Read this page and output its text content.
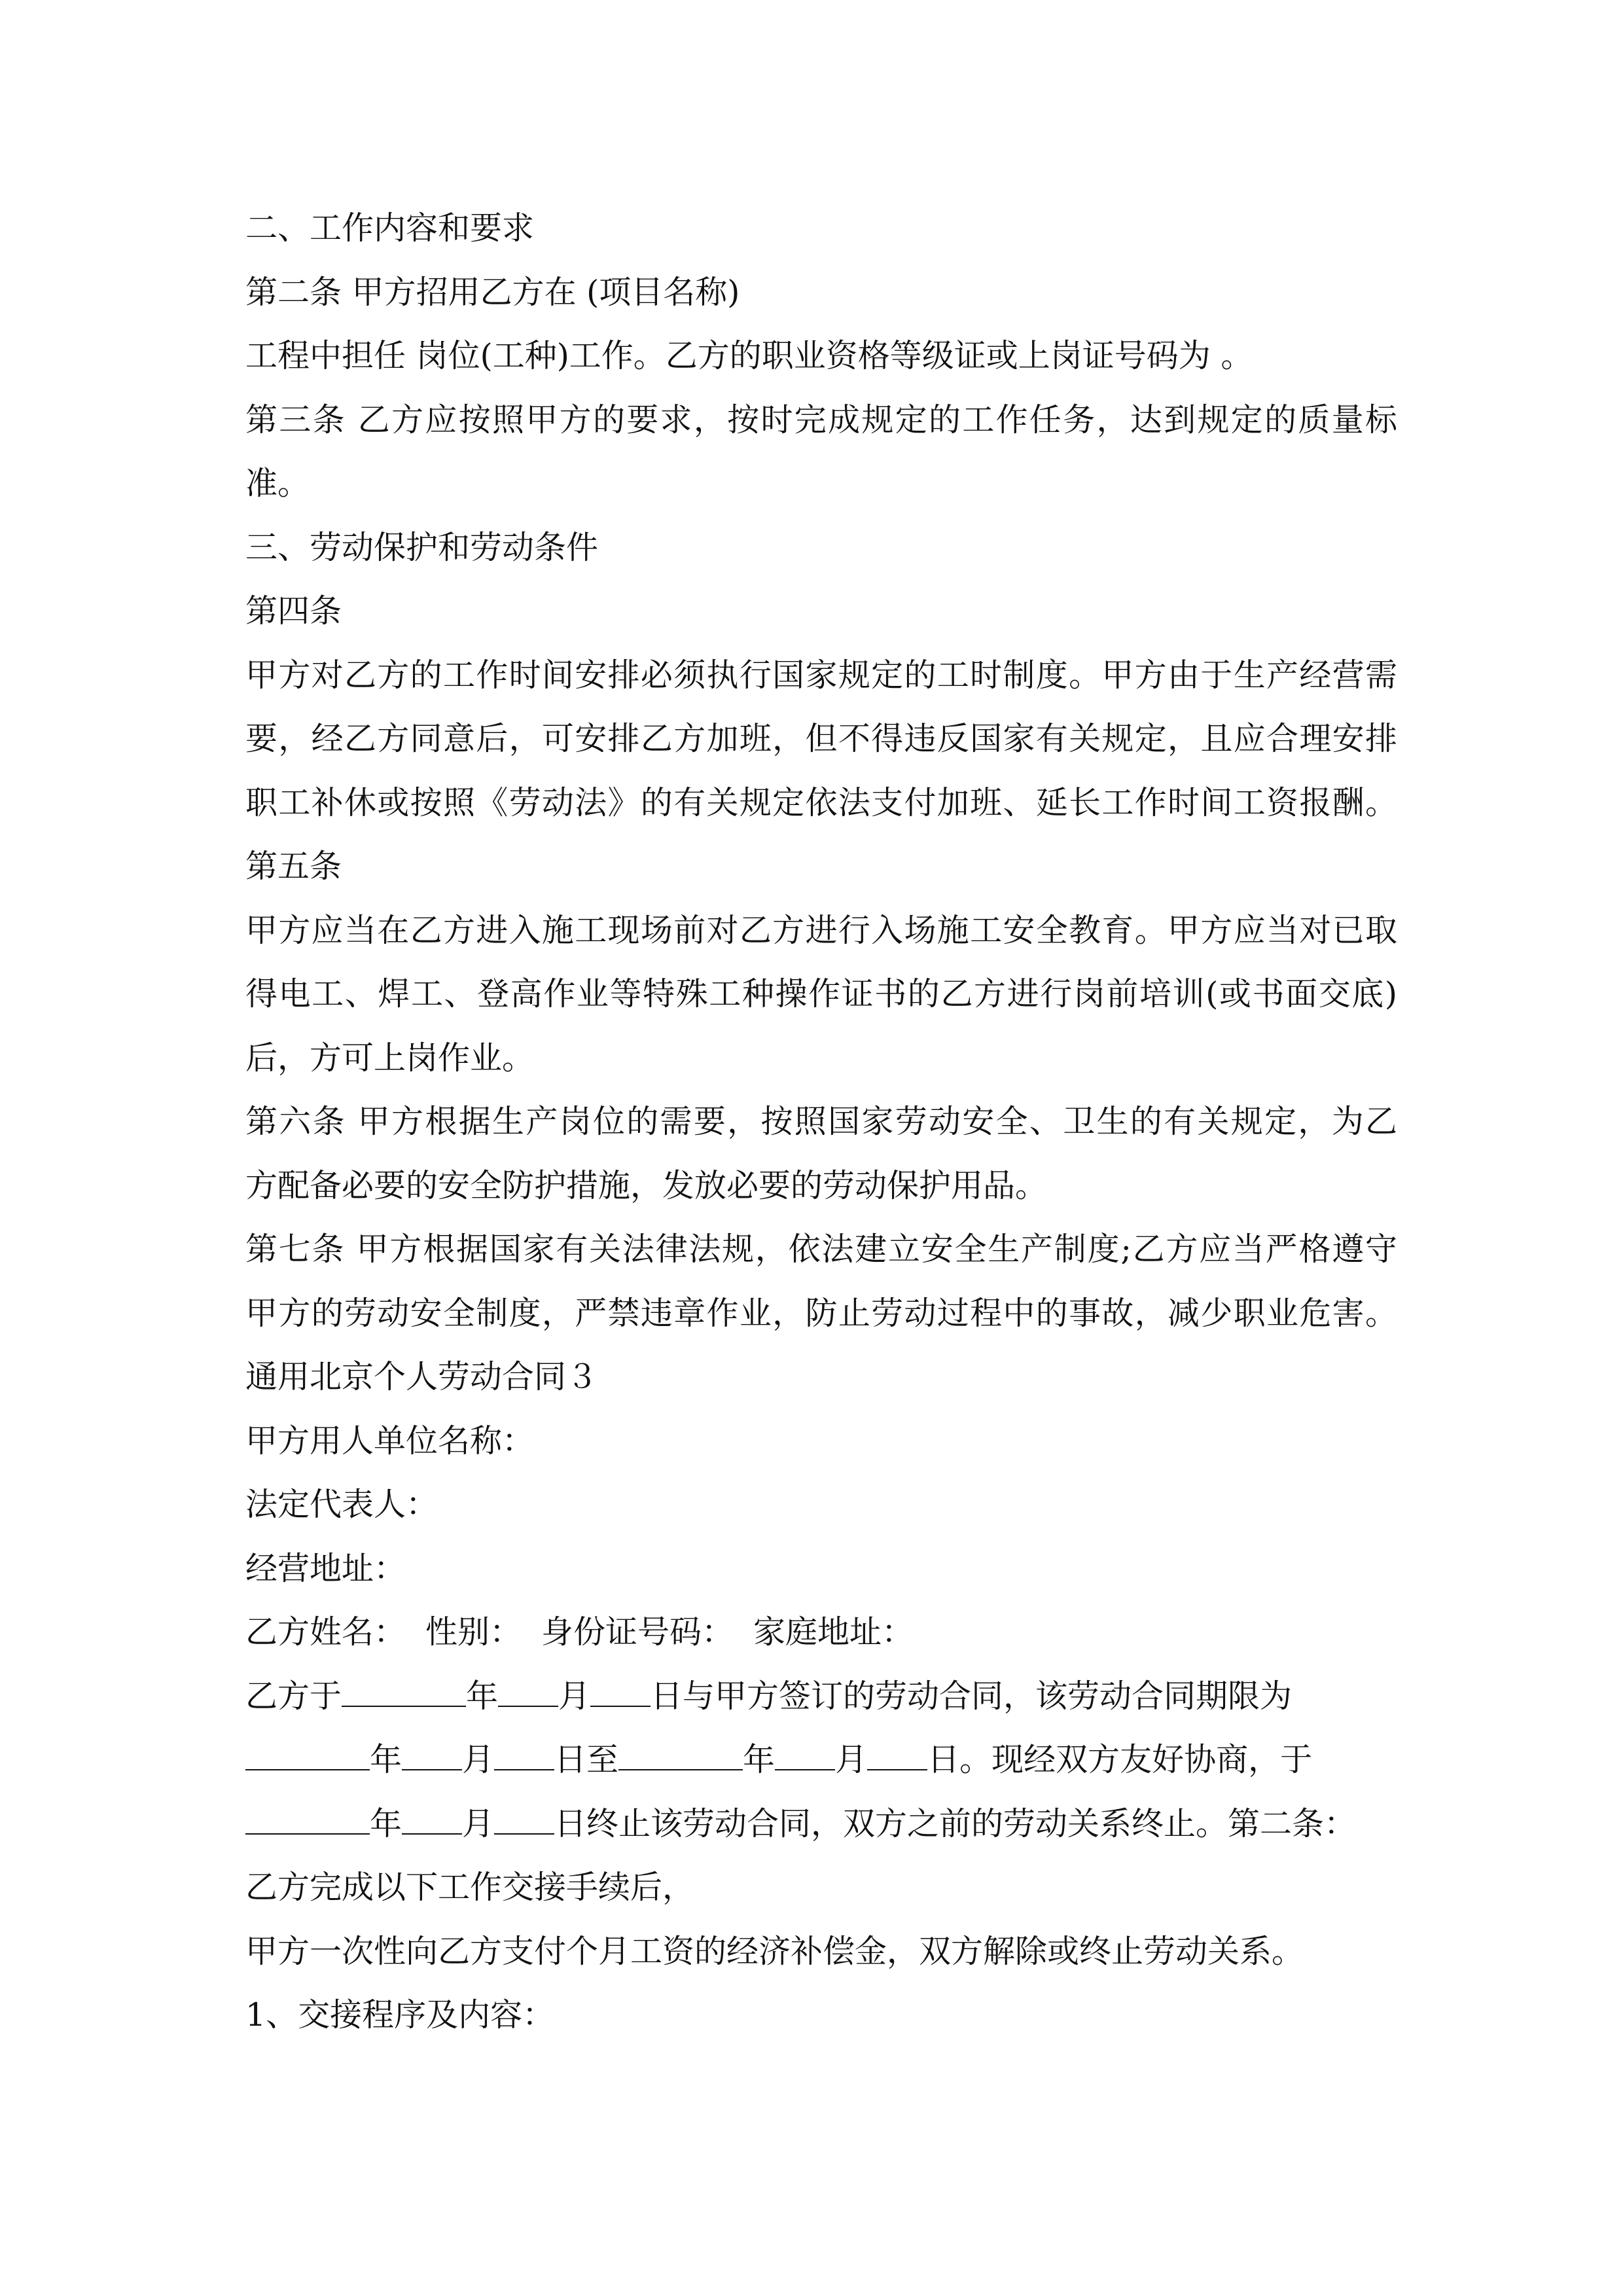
二、工作内容和要求
第二条 甲方招用乙方在 (项目名称)
工程中担任 岗位(工种)工作。乙方的职业资格等级证或上岗证号码为 。
第三条 乙方应按照甲方的要求，按时完成规定的工作任务，达到规定的质量标
准。
三、劳动保护和劳动条件
第四条
甲方对乙方的工作时间安排必须执行国家规定的工时制度。甲方由于生产经营需
要，经乙方同意后，可安排乙方加班，但不得违反国家有关规定，且应合理安排
职工补休或按照《劳动法》的有关规定依法支付加班、延长工作时间工资报酬。
第五条
甲方应当在乙方进入施工现场前对乙方进行入场施工安全教育。甲方应当对已取
得电工、焊工、登高作业等特殊工种操作证书的乙方进行岗前培训(或书面交底)
后，方可上岗作业。
第六条 甲方根据生产岗位的需要，按照国家劳动安全、卫生的有关规定，为乙
方配备必要的安全防护措施，发放必要的劳动保护用品。
第七条 甲方根据国家有关法律法规，依法建立安全生产制度;乙方应当严格遵守
甲方的劳动安全制度，严禁违章作业，防止劳动过程中的事故，减少职业危害。
通用北京个人劳动合同３
甲方用人单位名称：
法定代表人：
经营地址：
乙方姓名： 性别： 身份证号码： 家庭地址：
乙方于	年 月 日与甲方签订的劳动合同，该劳动合同期限为
年 月 日至	年 月 日。现经双方友好协商，于
年 月 日终止该劳动合同，双方之前的劳动关系终止。第二条：
乙方完成以下工作交接手续后，
甲方一次性向乙方支付个月工资的经济补偿金，双方解除或终止劳动关系。
1、交接程序及内容：
